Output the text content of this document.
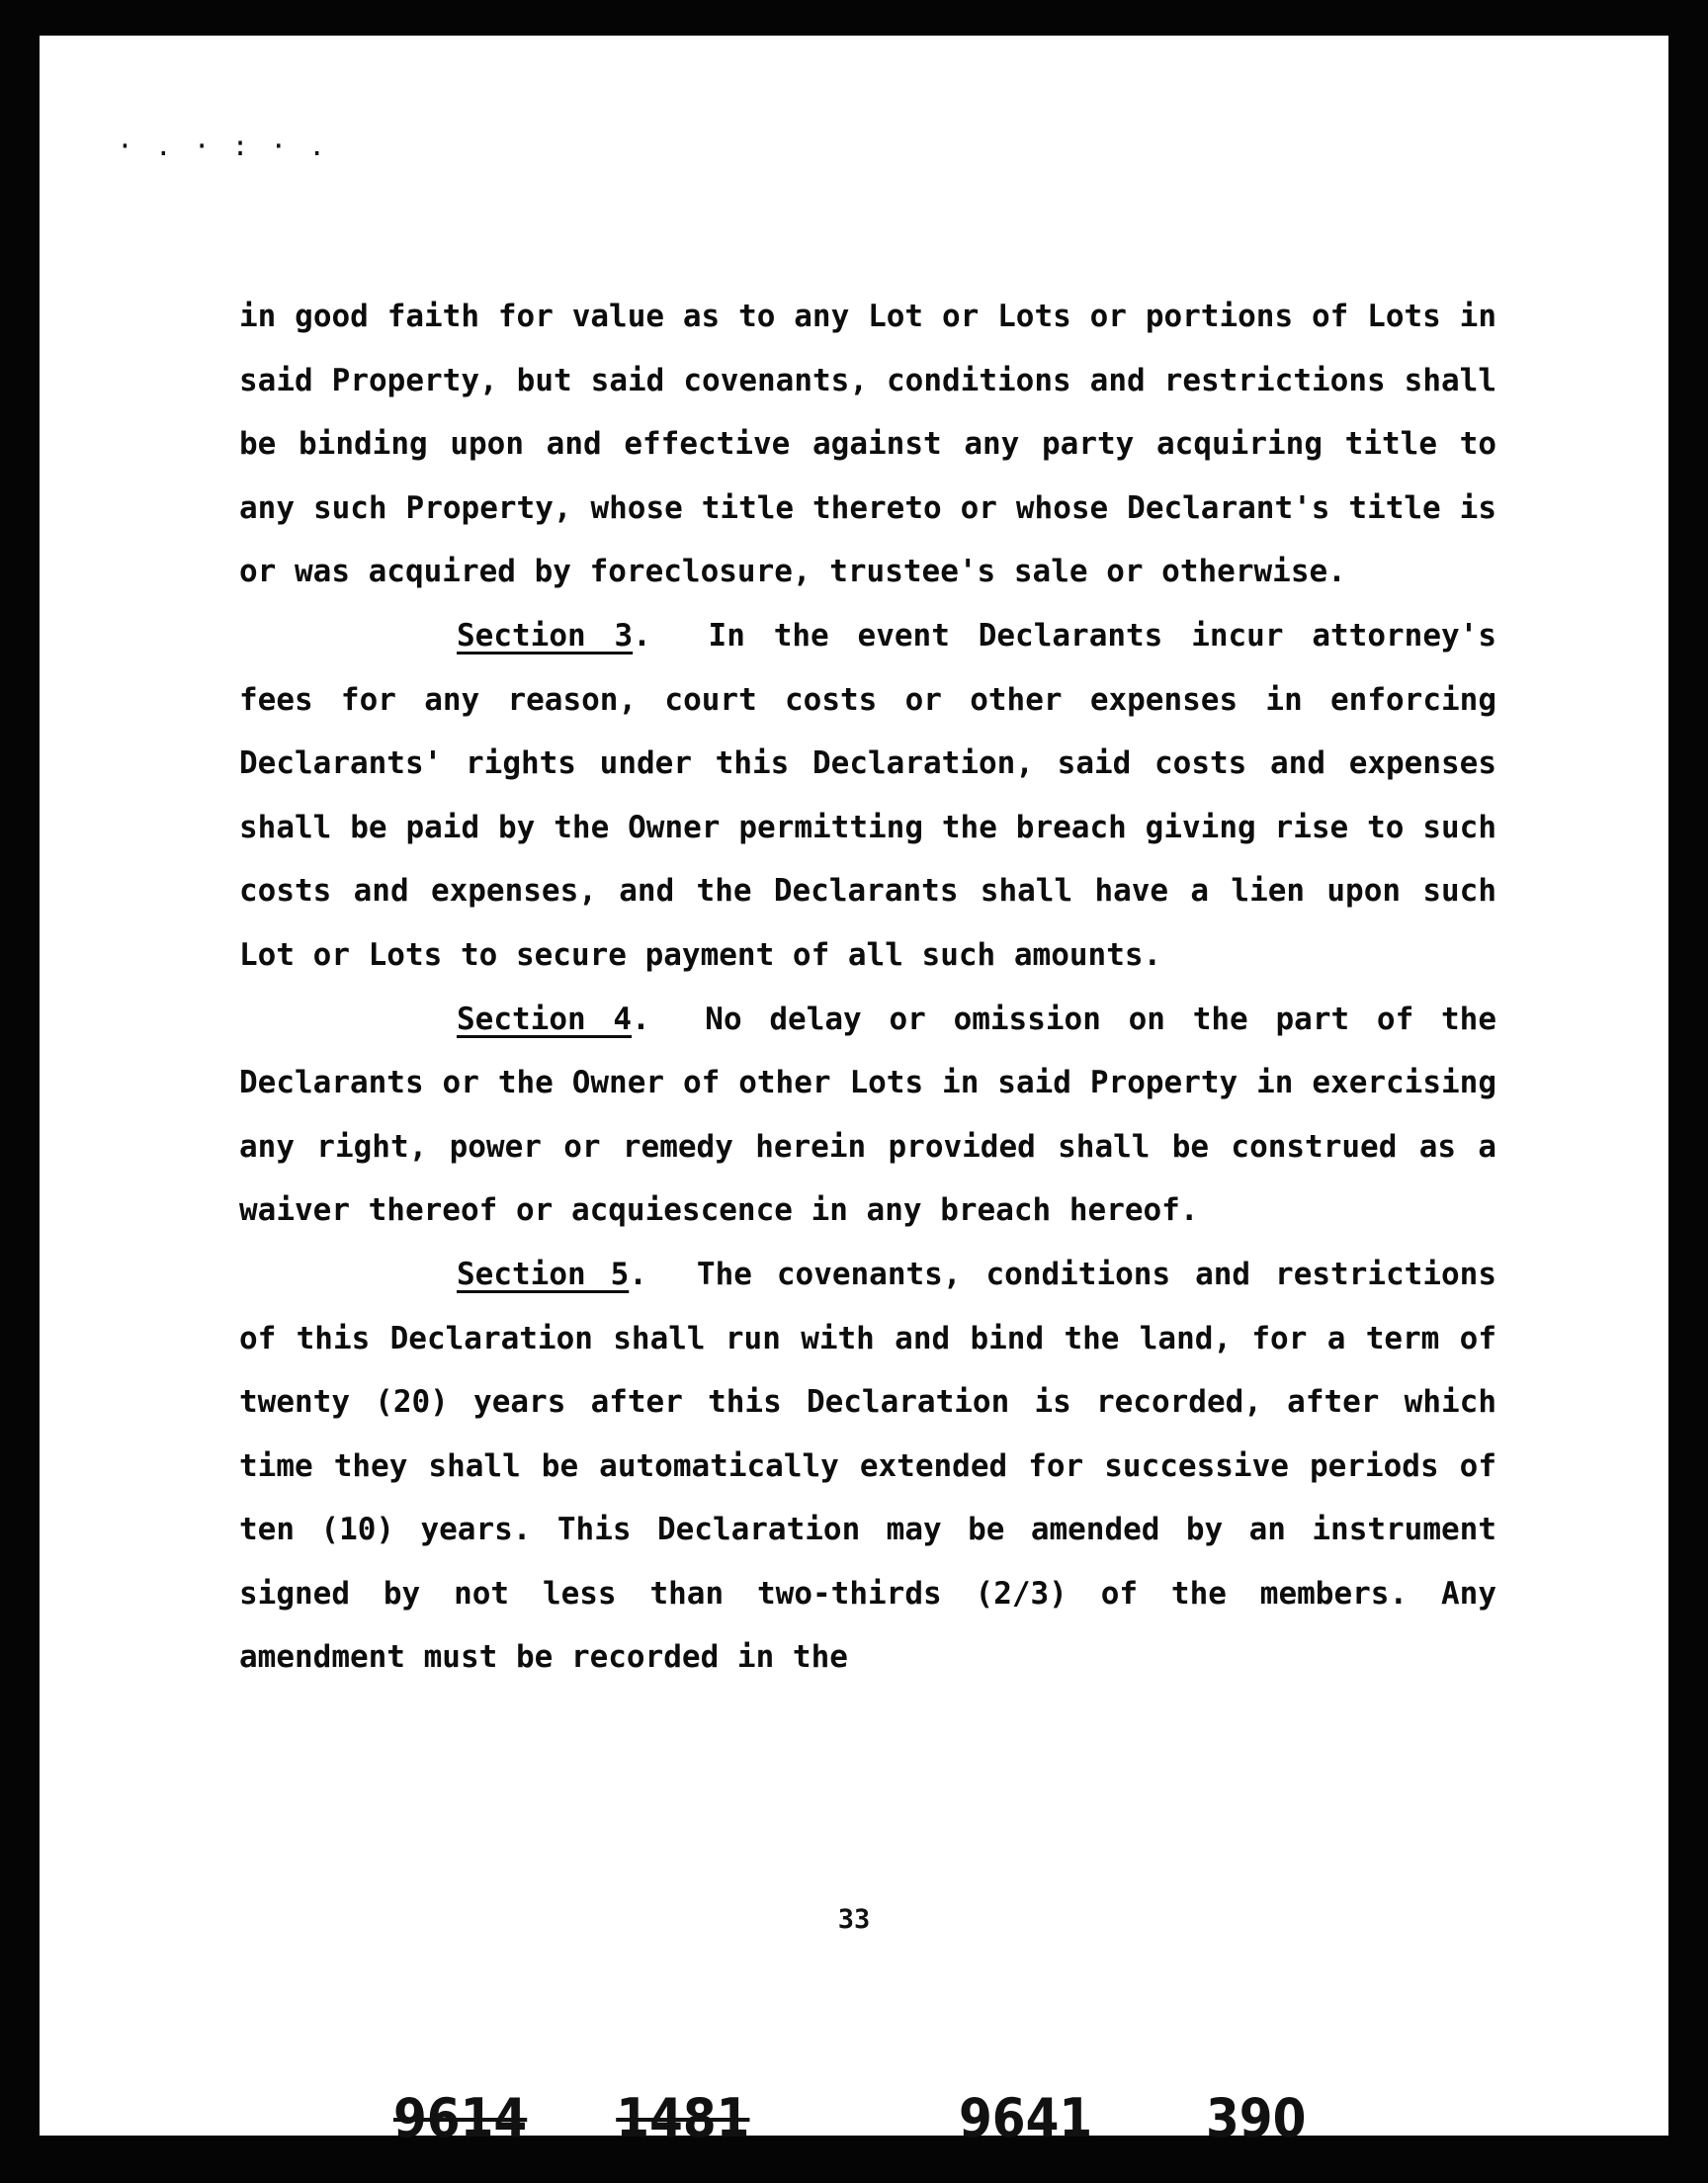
·.·:·.

in good faith for value as to any Lot or Lots or portions of Lots in said Property, but said covenants, conditions and restrictions shall be binding upon and effective against any party acquiring title to any such Property, whose title thereto or whose Declarant's title is or was acquired by foreclosure, trustee's sale or otherwise.

Section 3. In the event Declarants incur attorney's fees for any reason, court costs or other expenses in enforcing Declarants' rights under this Declaration, said costs and expenses shall be paid by the Owner permitting the breach giving rise to such costs and expenses, and the Declarants shall have a lien upon such Lot or Lots to secure payment of all such amounts.

Section 4. No delay or omission on the part of the Declarants or the Owner of other Lots in said Property in exercising any right, power or remedy herein provided shall be construed as a waiver thereof or acquiescence in any breach hereof.

Section 5. The covenants, conditions and restrictions of this Declaration shall run with and bind the land, for a term of twenty (20) years after this Declaration is recorded, after which time they shall be automatically extended for successive periods of ten (10) years. This Declaration may be amended by an instrument signed by not less than two-thirds (2/3) of the members. Any amendment must be recorded in the

33
9614 1481	9641 390
